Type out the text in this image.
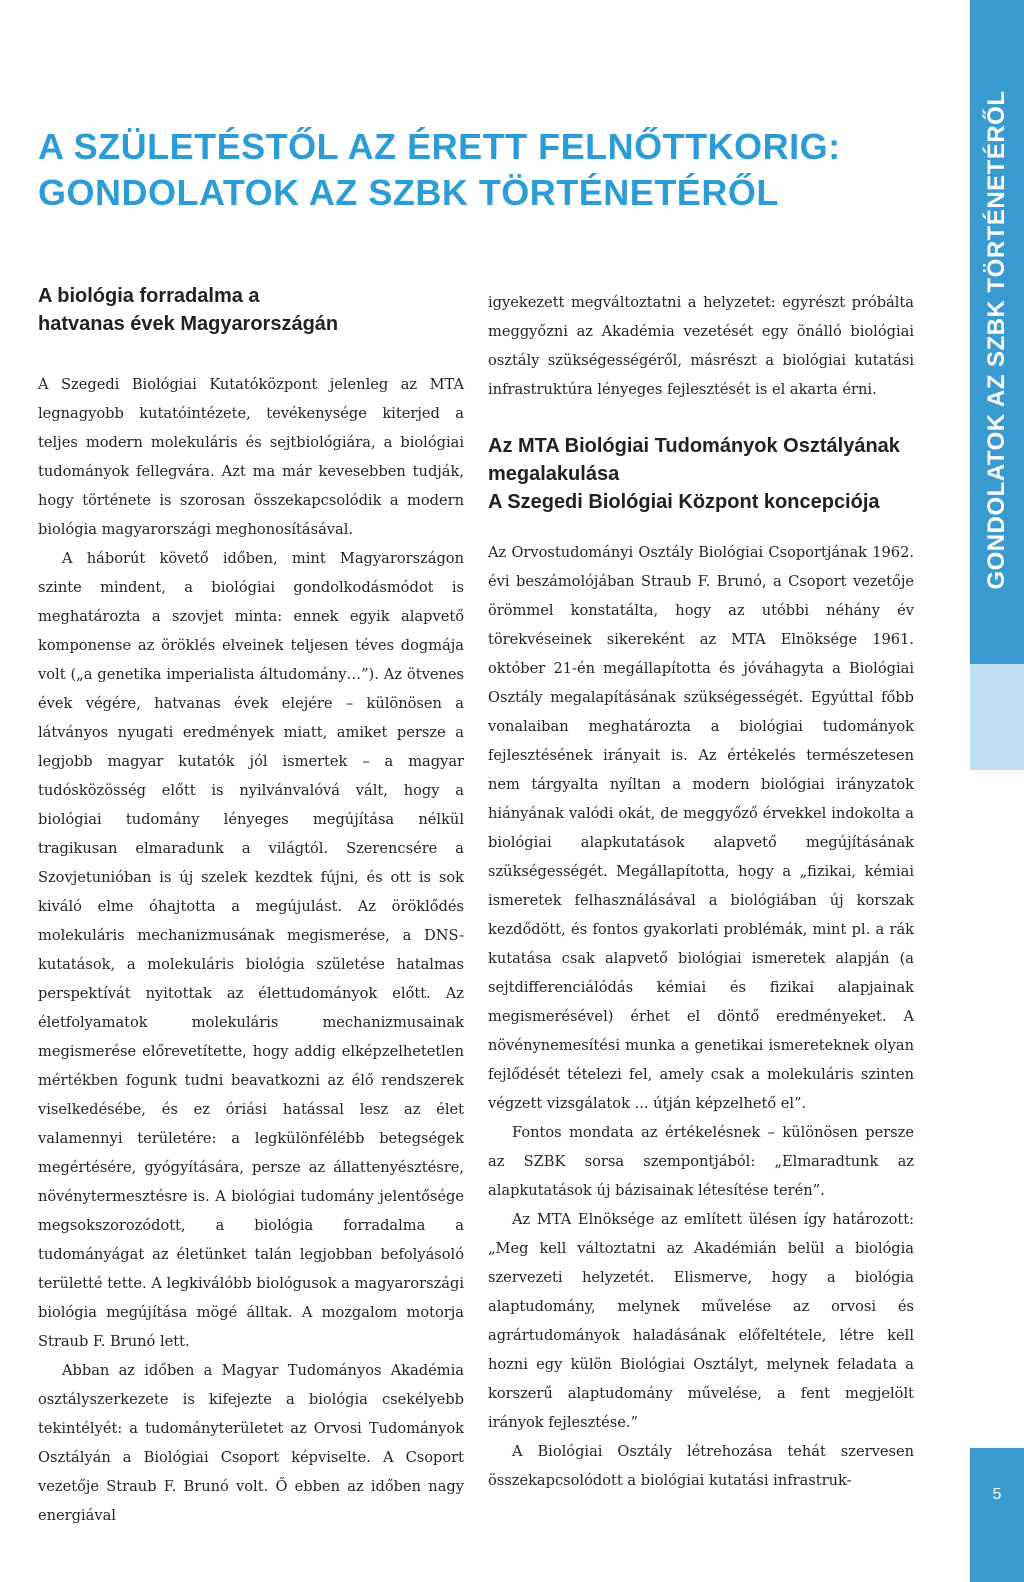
A SZÜLETÉSTŐL AZ ÉRETT FELNŐTTKORIG:
GONDOLATOK AZ SZBK TÖRTÉNETÉRŐL
A biológia forradalma a
hatvanas évek Magyarországán

A Szegedi Biológiai Kutatóközpont jelenleg az MTA legnagyobb kutatóintézete, tevékenysége kiterjed a teljes modern molekuláris és sejtbiológiára, a biológiai tudományok fellegvára. Azt ma már kevesebben tudják, hogy története is szorosan összekapcsolódik a modern biológia magyarországi meghonosításával.

A háborút követő időben, mint Magyarországon szinte mindent, a biológiai gondolkodásmódot is meghatározta a szovjet minta: ennek egyik alapvető komponense az öröklés elveinek teljesen téves dogmája volt („a genetika imperialista áltudomány…”). Az ötvenes évek végére, hatvanas évek elejére – különösen a látványos nyugati eredmények miatt, amiket persze a legjobb magyar kutatók jól ismertek – a magyar tudósközösség előtt is nyilvánvalóvá vált, hogy a biológiai tudomány lényeges megújítása nélkül tragikusan elmaradunk a világtól. Szerencsére a Szovjetunióban is új szelek kezdtek fújni, és ott is sok kiváló elme óhajtotta a megújulást. Az öröklődés molekuláris mechanizmusának megismerése, a DNS-kutatások, a molekuláris biológia születése hatalmas perspektívát nyitottak az élettudományok előtt. Az életfolyamatok molekuláris mechanizmusainak megismerése előrevetítette, hogy addig elképzelhetetlen mértékben fogunk tudni beavatkozni az élő rendszerek viselkedésébe, és ez óriási hatással lesz az élet valamennyi területére: a legkülönfélébb betegségek megértésére, gyógyítására, persze az állattenyésztésre, növénytermesztésre is. A biológiai tudomány jelentősége megsokszorozódott, a biológia forradalma a tudományágat az életünket talán legjobban befolyásoló területté tette. A legkiválóbb biológusok a magyarországi biológia megújítása mögé álltak. A mozgalom motorja Straub F. Brunó lett.

Abban az időben a Magyar Tudományos Akadémia osztályszerkezete is kifejezte a biológia csekélyebb tekintélyét: a tudományterületet az Orvosi Tudományok Osztályán a Biológiai Csoport képviselte. A Csoport vezetője Straub F. Brunó volt. Ő ebben az időben nagy energiával

igyekezett megváltoztatni a helyzetet: egyrészt próbálta meggyőzni az Akadémia vezetését egy önálló biológiai osztály szükségességéről, másrészt a biológiai kutatási infrastruktúra lényeges fejlesztését is el akarta érni.

Az MTA Biológiai Tudományok Osztályának
megalakulása
A Szegedi Biológiai Központ koncepciója

Az Orvostudományi Osztály Biológiai Csoportjának 1962. évi beszámolójában Straub F. Brunó, a Csoport vezetője örömmel konstatálta, hogy az utóbbi néhány év törekvéseinek sikereként az MTA Elnöksége 1961. október 21-én megállapította és jóváhagyta a Biológiai Osztály megalapításának szükségességét. Egyúttal főbb vonalaiban meghatározta a biológiai tudományok fejlesztésének irányait is. Az értékelés természetesen nem tárgyalta nyíltan a modern biológiai irányzatok hiányának valódi okát, de meggyőző érvekkel indokolta a biológiai alapkutatások alapvető megújításának szükségességét. Megállapította, hogy a „fizikai, kémiai ismeretek felhasználásával a biológiában új korszak kezdődött, és fontos gyakorlati problémák, mint pl. a rák kutatása csak alapvető biológiai ismeretek alapján (a sejtdifferenciálódás kémiai és fizikai alapjainak megismerésével) érhet el döntő eredményeket. A növénynemesítési munka a genetikai ismereteknek olyan fejlődését tételezi fel, amely csak a molekuláris szinten végzett vizsgálatok ... útján képzelhető el”.

Fontos mondata az értékelésnek – különösen persze az SZBK sorsa szempontjából: „Elmaradtunk az alapkutatások új bázisainak létesítése terén”.

Az MTA Elnöksége az említett ülésen így határozott: „Meg kell változtatni az Akadémián belül a biológia szervezeti helyzetét. Elismerve, hogy a biológia alaptudomány, melynek művelése az orvosi és agrártudományok haladásának előfeltétele, létre kell hozni egy külön Biológiai Osztályt, melynek feladata a korszerű alaptudomány művelése, a fent megjelölt irányok fejlesztése.”

A Biológiai Osztály létrehozása tehát szervesen összekapcsolódott a biológiai kutatási infrastruk-

GONDOLATOK AZ SZBK TÖRTÉNETÉRŐL
5
